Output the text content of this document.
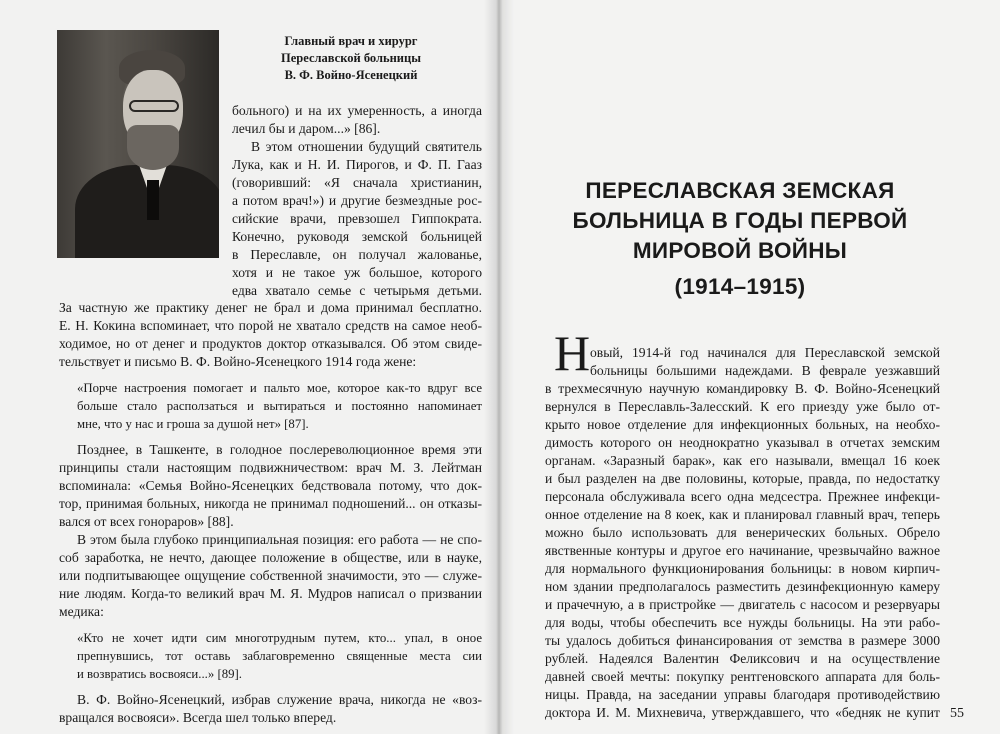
Главный врач и хирург
Переславской больницы
В. Ф. Войно-Ясенецкий
больного) и на их умеренность, а иногда
лечил бы и даром...» [86].
В этом отношении будущий святитель
Лука, как и Н. И. Пирогов, и Ф. П. Гааз
(говоривший: «Я сначала христианин,
а потом врач!») и другие безмездные рос-
сийские врачи, превзошел Гиппократа.
Конечно, руководя земской больницей
в Переславле, он получал жалованье,
хотя и не такое уж большое, которого
едва хватало семье с четырьмя детьми.
За частную же практику денег не брал и дома принимал бесплатно.
Е. Н. Кокина вспоминает, что порой не хватало средств на самое необ-
ходимое, но от денег и продуктов доктор отказывался. Об этом свиде-
тельствует и письмо В. Ф. Войно-Ясенецкого 1914 года жене:
«Порче настроения помогает и пальто мое, которое как-то вдруг все
больше стало расползаться и вытираться и постоянно напоминает
мне, что у нас и гроша за душой нет» [87].
Позднее, в Ташкенте, в голодное послереволюционное время эти
принципы стали настоящим подвижничеством: врач М. З. Лейтман
вспоминала: «Семья Войно-Ясенецких бедствовала потому, что док-
тор, принимая больных, никогда не принимал подношений... он отказы-
вался от всех гонораров» [88].
В этом была глубоко принципиальная позиция: его работа — не спо-
соб заработка, не нечто, дающее положение в обществе, или в науке,
или подпитывающее ощущение собственной значимости, это — служе-
ние людям. Когда-то великий врач М. Я. Мудров написал о призвании
медика:
«Кто не хочет идти сим многотрудным путем, кто... упал, в оное
препнувшись, тот оставь заблаговременно священные места сии
и возвратись восвояси...» [89].
В. Ф. Войно-Ясенецкий, избрав служение врача, никогда не «воз-
вращался восвояси». Всегда шел только вперед.
ПЕРЕСЛАВСКАЯ ЗЕМСКАЯ
БОЛЬНИЦА В ГОДЫ ПЕРВОЙ
МИРОВОЙ ВОЙНЫ
(1914–1915)
Н овый, 1914-й год начинался для Переславской земской
больницы большими надеждами. В феврале уезжавший
в трехмесячную научную командировку В. Ф. Войно-Ясенецкий
вернулся в Переславль-Залесский. К его приезду уже было от-
крыто новое отделение для инфекционных больных, на необхо-
димость которого он неоднократно указывал в отчетах земским
органам. «Заразный барак», как его называли, вмещал 16 коек
и был разделен на две половины, которые, правда, по недостатку
персонала обслуживала всего одна медсестра. Прежнее инфекци-
онное отделение на 8 коек, как и планировал главный врач, теперь
можно было использовать для венерических больных. Обрело
явственные контуры и другое его начинание, чрезвычайно важное
для нормального функционирования больницы: в новом кирпич-
ном здании предполагалось разместить дезинфекционную камеру
и прачечную, а в пристройке — двигатель с насосом и резервуары
для воды, чтобы обеспечить все нужды больницы. На эти рабо-
ты удалось добиться финансирования от земства в размере 3000
рублей. Надеялся Валентин Феликсович и на осуществление
давней своей мечты: покупку рентгеновского аппарата для боль-
ницы. Правда, на заседании управы благодаря противодействию
доктора И. М. Михневича, утверждавшего, что «бедняк не купит 55
